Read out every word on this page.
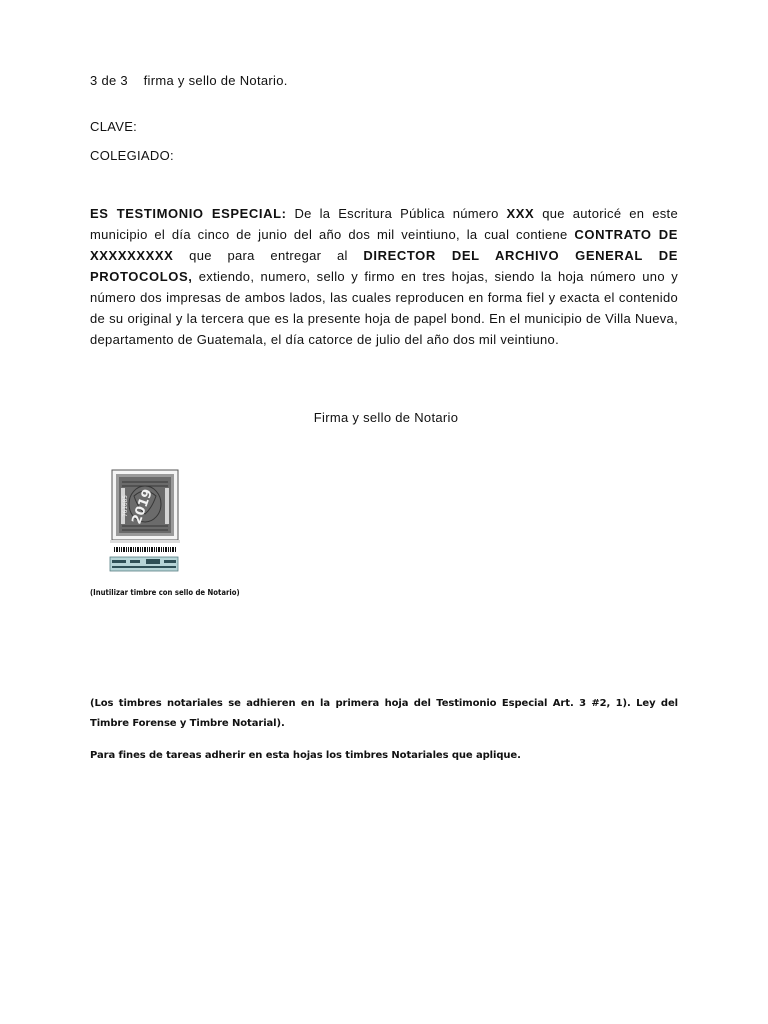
3 de 3 firma y sello de Notario.
CLAVE:
COLEGIADO:
ES TESTIMONIO ESPECIAL: De la Escritura Pública número XXX que autoricé en este municipio el día cinco de junio del año dos mil veintiuno, la cual contiene CONTRATO DE XXXXXXXXX que para entregar al DIRECTOR DEL ARCHIVO GENERAL DE PROTOCOLOS, extiendo, numero, sello y firmo en tres hojas, siendo la hoja número uno y número dos impresas de ambos lados, las cuales reproducen en forma fiel y exacta el contenido de su original y la tercera que es la presente hoja de papel bond. En el municipio de Villa Nueva, departamento de Guatemala, el día catorce de julio del año dos mil veintiuno.
Firma y sello de Notario
2019
761685
(Inutilizar timbre con sello de Notario)
(Los timbres notariales se adhieren en la primera hoja del Testimonio Especial Art. 3 #2, 1). Ley del Timbre Forense y Timbre Notarial).
Para fines de tareas adherir en esta hojas los timbres Notariales que aplique.
